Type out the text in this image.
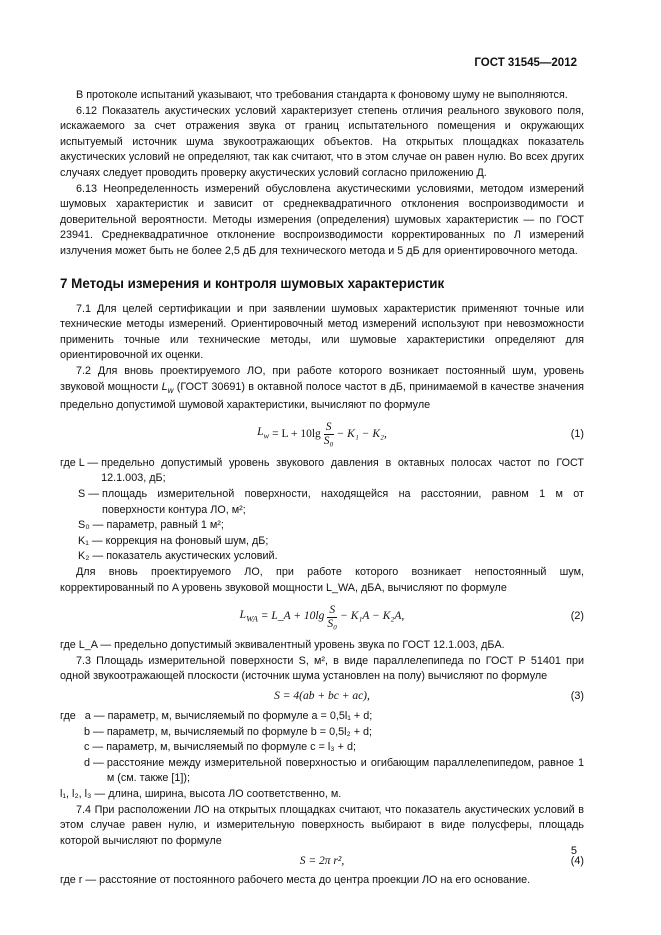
ГОСТ 31545—2012

В протоколе испытаний указывают, что требования стандарта к фоновому шуму не выполняются.

6.12 Показатель акустических условий характеризует степень отличия реального звукового поля, искажаемого за счет отражения звука от границ испытательного помещения и окружающих испытуемый источник шума звукоотражающих объектов. На открытых площадках показатель акустических условий не определяют, так как считают, что в этом случае он равен нулю. Во всех других случаях следует проводить проверку акустических условий согласно приложению Д.

6.13 Неопределенность измерений обусловлена акустическими условиями, методом измерений шумовых характеристик и зависит от среднеквадратичного отклонения воспроизводимости и доверительной вероятности. Методы измерения (определения) шумовых характеристик — по ГОСТ 23941. Среднеквадратичное отклонение воспроизводимости корректированных по Л измерений излучения может быть не более 2,5 дБ для технического метода и 5 дБ для ориентировочного метода.

7 Методы измерения и контроля шумовых характеристик

7.1 Для целей сертификации и при заявлении шумовых характеристик применяют точные или технические методы измерений. Ориентировочный метод измерений используют при невозможности применить точные или технические методы, или шумовые характеристики определяют для ориентировочной их оценки.

7.2 Для вновь проектируемого ЛО, при работе которого возникает постоянный шум, уровень звуковой мощности $L_w$ (ГОСТ 30691) в октавной полосе частот в дБ, принимаемой в качестве значения предельно допустимой шумовой характеристики, вычисляют по формуле

$L_w$
= $L + 10\lg \frac{S}{\text{S₀}} - K_1 - K_2$,	(1)
где L —
предельно допустимый уровень звукового давления в октавных полосах частот по ГОСТ 12.1.003, дБ;
S —
площадь измерительной поверхности, находящейся на расстоянии, равном 1 м от поверхности контура ЛО, м²;
S₀ —
параметр, равный 1 м²;
K₁ —
коррекция на фоновый шум, дБ;
K₂ —
показатель акустических условий.

Для вновь проектируемого ЛО, при работе которого возникает непостоянный шум, корректированный по A уровень звуковой мощности L_WA, дБA, вычисляют по формуле

$L_{WA}$
= L_A + $10\lg \frac{S}{\text{S₀}} - K_1A - K_2A$,	(2)

где L_A — предельно допустимый эквивалентный уровень звука по ГОСТ 12.1.003, дБA.

7.3 Площадь измерительной поверхности S, м², в виде параллелепипеда по ГОСТ Р 51401 при одной звукоотражающей плоскости (источник шума установлен на полу) вычисляют по формуле

S = 4(ab + bc + ac),	(3)
где   a —
параметр, м, вычисляемый по формуле a = 0,5l₁ + d;
b —
параметр, м, вычисляемый по формуле b = 0,5l₂ + d;
c —
параметр, м, вычисляемый по формуле c = l₃ + d;
d —
расстояние между измерительной поверхностью и огибающим параллелепипедом, равное 1 м (см. также [1]);
l₁, l₂, l₃ —
длина, ширина, высота ЛО соответственно, м.

7.4 При расположении ЛО на открытых площадках считают, что показатель акустических условий в этом случае равен нулю, и измерительную поверхность выбирают в виде полусферы, площадь которой вычисляют по формуле

S = 2π r²,	(4)

где r — расстояние от постоянного рабочего места до центра проекции ЛО на его основание.

5
